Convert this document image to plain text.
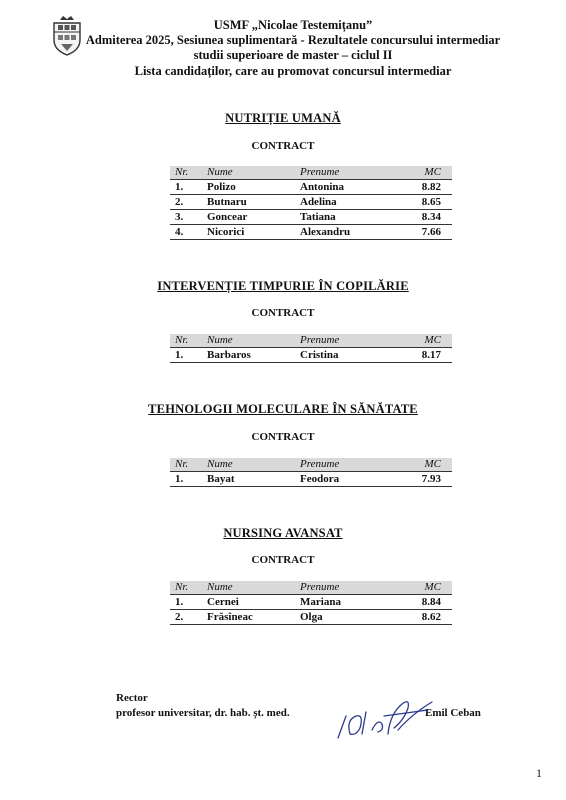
USMF „Nicolae Testemițanu”
Admiterea 2025, Sesiunea suplimentară - Rezultatele concursului intermediar
studii superioare de master – ciclul II
Lista candidaților, care au promovat concursul intermediar
NUTRIȚIE UMANĂ
CONTRACT
Nr. Nume	Prenume	MC
1. Polizo	Antonina	8.82
2. Butnaru	Adelina	8.65
3. Goncear	Tatiana	8.34
4. Nicorici	Alexandru	7.66
INTERVENȚIE TIMPURIE ÎN COPILĂRIE
CONTRACT
Nr. Nume	Prenume	MC
1. Barbaros	Cristina	8.17
TEHNOLOGII MOLECULARE ÎN SĂNĂTATE
CONTRACT
Nr. Nume	Prenume	MC
1. Bayat	Feodora	7.93
NURSING AVANSAT
CONTRACT
Nr. Nume	Prenume	MC
1. Cernei	Mariana	8.84
2. Frăsîneac	Olga	8.62
Rector
profesor universitar, dr. hab. șt. med.	Emil Ceban
1
